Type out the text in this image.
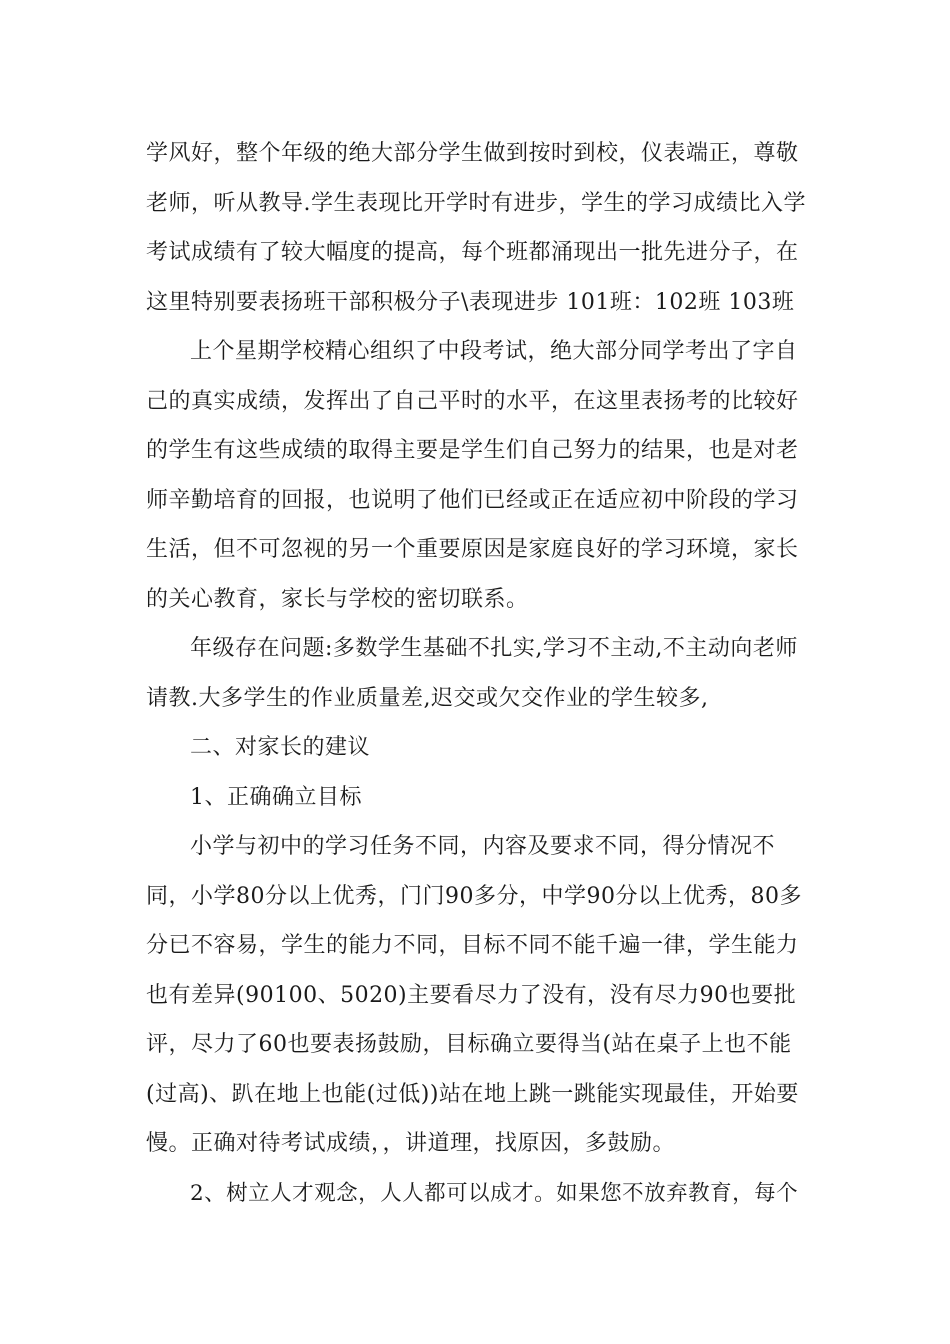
学风好，整个年级的绝大部分学生做到按时到校，仪表端正，尊敬
老师，听从教导.学生表现比开学时有进步，学生的学习成绩比入学
考试成绩有了较大幅度的提高，每个班都涌现出一批先进分子，在
这里特别要表扬班干部积极分子\表现进步 101班：102班 103班
上个星期学校精心组织了中段考试，绝大部分同学考出了字自
己的真实成绩，发挥出了自己平时的水平，在这里表扬考的比较好
的学生有这些成绩的取得主要是学生们自己努力的结果，也是对老
师辛勤培育的回报，也说明了他们已经或正在适应初中阶段的学习
生活，但不可忽视的另一个重要原因是家庭良好的学习环境，家长
的关心教育，家长与学校的密切联系。
年级存在问题:多数学生基础不扎实,学习不主动,不主动向老师
请教.大多学生的作业质量差,迟交或欠交作业的学生较多,
二、对家长的建议
1、正确确立目标
小学与初中的学习任务不同，内容及要求不同，得分情况不
同，小学80分以上优秀，门门90多分，中学90分以上优秀，80多
分已不容易，学生的能力不同，目标不同不能千遍一律，学生能力
也有差异(90100、5020)主要看尽力了没有，没有尽力90也要批
评，尽力了60也要表扬鼓励，目标确立要得当(站在桌子上也不能
(过高)、趴在地上也能(过低))站在地上跳一跳能实现最佳，开始要
慢。正确对待考试成绩，，讲道理，找原因，多鼓励。
2、树立人才观念，人人都可以成才。如果您不放弃教育，每个
